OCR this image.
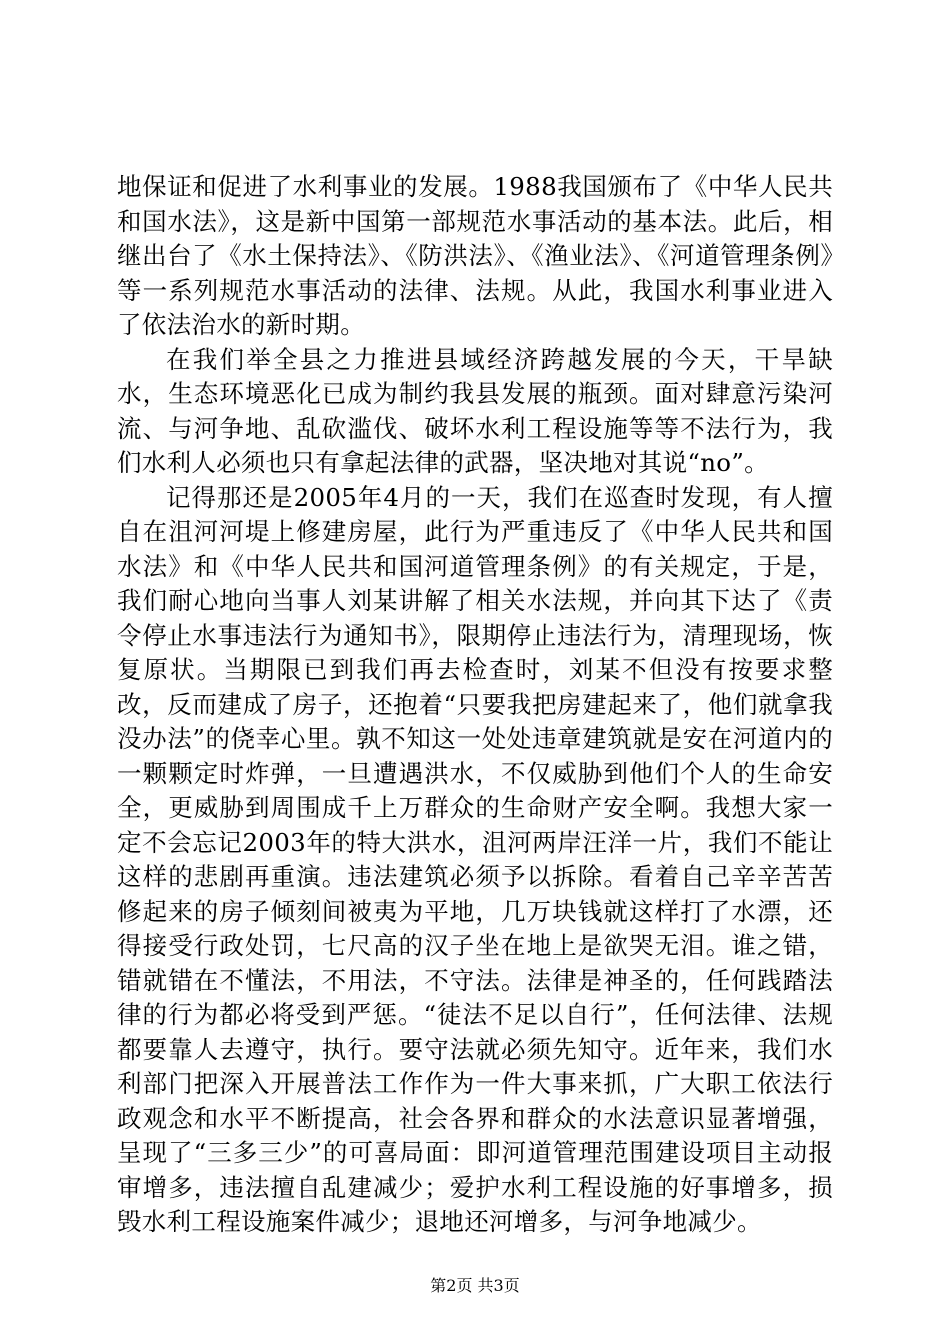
地保证和促进了水利事业的发展。1988我国颁布了《中华人民共和国水法》，这是新中国第一部规范水事活动的基本法。此后，相继出台了《水土保持法》、《防洪法》、《渔业法》、《河道管理条例》等一系列规范水事活动的法律、法规。从此，我国水利事业进入了依法治水的新时期。

在我们举全县之力推进县域经济跨越发展的今天，干旱缺水，生态环境恶化已成为制约我县发展的瓶颈。面对肆意污染河流、与河争地、乱砍滥伐、破坏水利工程设施等等不法行为，我们水利人必须也只有拿起法律的武器，坚决地对其说“no”。

记得那还是2005年4月的一天，我们在巡查时发现，有人擅自在沮河河堤上修建房屋，此行为严重违反了《中华人民共和国水法》和《中华人民共和国河道管理条例》的有关规定，于是，我们耐心地向当事人刘某讲解了相关水法规，并向其下达了《责令停止水事违法行为通知书》，限期停止违法行为，清理现场，恢复原状。当期限已到我们再去检查时，刘某不但没有按要求整改，反而建成了房子，还抱着“只要我把房建起来了，他们就拿我没办法”的侥幸心里。孰不知这一处处违章建筑就是安在河道内的一颗颗定时炸弹，一旦遭遇洪水，不仅威胁到他们个人的生命安全，更威胁到周围成千上万群众的生命财产安全啊。我想大家一定不会忘记2003年的特大洪水，沮河两岸汪洋一片，我们不能让这样的悲剧再重演。违法建筑必须予以拆除。看着自己辛辛苦苦修起来的房子倾刻间被夷为平地，几万块钱就这样打了水漂，还得接受行政处罚，七尺高的汉子坐在地上是欲哭无泪。谁之错，错就错在不懂法，不用法，不守法。法律是神圣的，任何践踏法律的行为都必将受到严惩。“徒法不足以自行”，任何法律、法规都要靠人去遵守，执行。要守法就必须先知守。近年来，我们水利部门把深入开展普法工作作为一件大事来抓，广大职工依法行政观念和水平不断提高，社会各界和群众的水法意识显著增强，呈现了“三多三少”的可喜局面：即河道管理范围建设项目主动报审增多，违法擅自乱建减少；爱护水利工程设施的好事增多，损毁水利工程设施案件减少；退地还河增多，与河争地减少。

第2页 共3页
